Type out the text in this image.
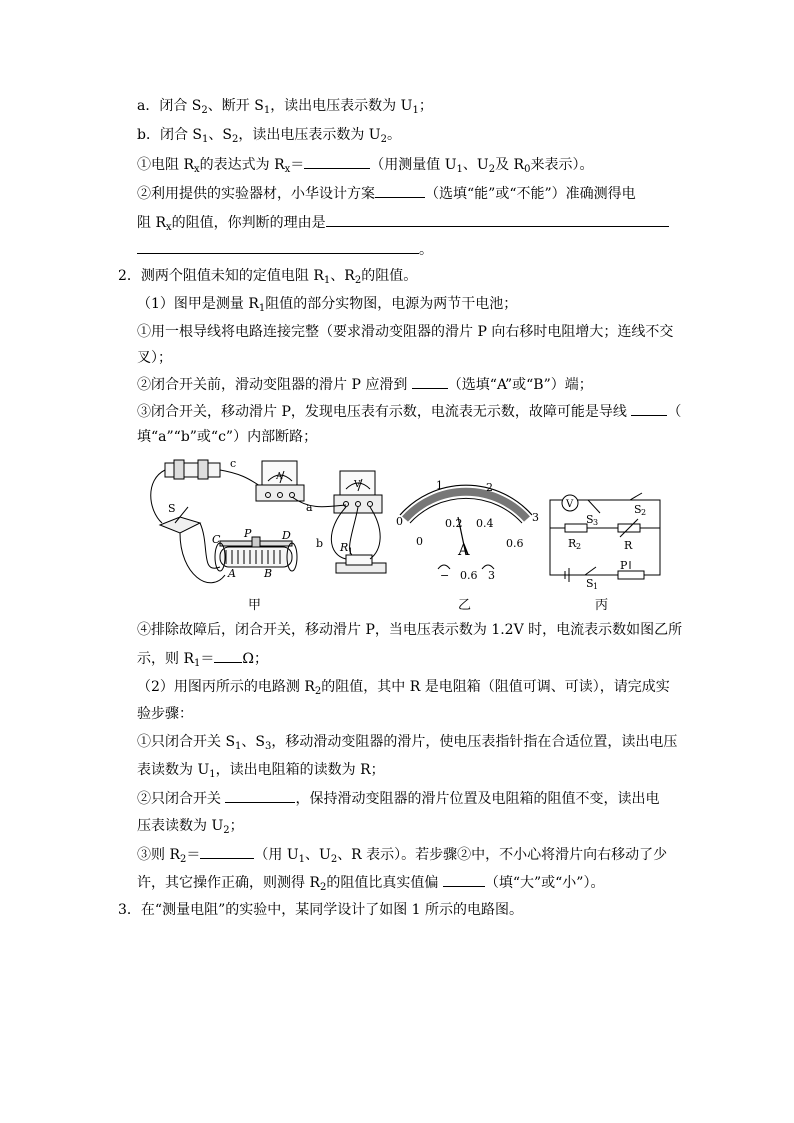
a．闭合 $S_2$、断开 $S_1$，读出电压表示数为 $U_1$；
b．闭合 $S_1$、$S_2$，读出电压表示数为 $U_2$。
①电阻 $R_x$的表达式为 $R_x=$	（用测量值 $U_1$、$U_2$及 $R_0$来表示）。
②利用提供的实验器材，小华设计方案	（选填“能”或“不能”）准确测得电
阻 $R_x$的阻值，你判断的理由是
。
2．测两个阻值未知的定值电阻 $R_1$、$R_2$的阻值。
（1）图甲是测量 $R_1$阻值的部分实物图，电源为两节干电池；
①用一根导线将电路连接完整（要求滑动变阻器的滑片 P 向右移时电阻增大；连线不交
叉）；
②闭合开关前，滑动变阻器的滑片 P 应滑到	（选填“A”或“B”）端；
③闭合开关，移动滑片 P，发现电压表有示数，电流表无示数，故障可能是导线	（
填“a”“b”或“c”）内部断路；
c
a
b
S
C P	D
A	B
R 1
A
V
0
1	2
3
0
0.2 0.4
0.6
A
− 0.6 3
V
S 3
S 2
R 2	R
P
S 1
甲	乙	丙
④排除故障后，闭合开关，移动滑片 P，当电压表示数为 1.2V 时，电流表示数如图乙所
示，则 $R_1= \Omega$；
（2）用图丙所示的电路测 $R_2$的阻值，其中 R 是电阻箱（阻值可调、可读），请完成实
验步骤：
①只闭合开关 $S_1$、$S_3$，移动滑动变阻器的滑片，使电压表指针指在合适位置，读出电压
表读数为 $U_1$，读出电阻箱的读数为 R；
②只闭合开关	，保持滑动变阻器的滑片位置及电阻箱的阻值不变，读出电
压表读数为 $U_2$；
③则 $R_2=$	（用 $U_1$、$U_2$、R 表示）。若步骤②中，不小心将滑片向右移动了少
许，其它操作正确，则测得 $R_2$的阻值比真实值偏	（填“大”或“小”）。
3．在“测量电阻”的实验中，某同学设计了如图 1 所示的电路图。
